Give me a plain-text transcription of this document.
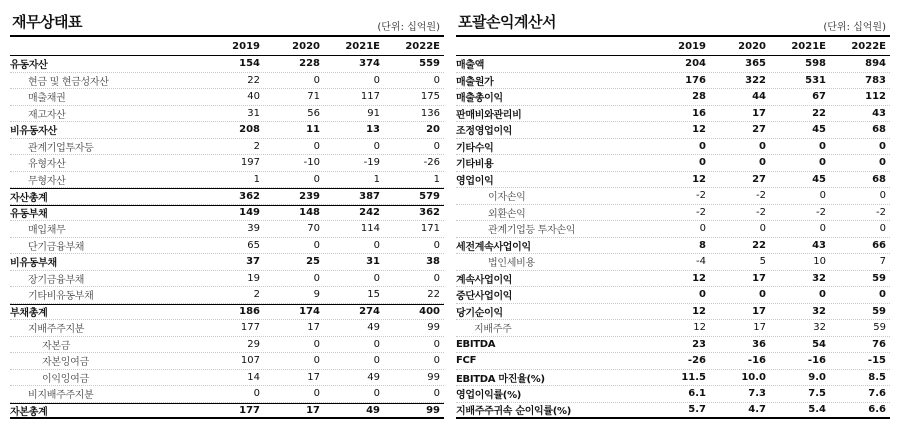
재무상태표	(단위: 십억원)
2019	2020	2021E	2022E
유동자산	154	228	374	559
현금 및 현금성자산	22	0	0	0
매출채권	40	71	117	175
재고자산	31	56	91	136
비유동자산	208	11	13	20
관계기업투자등	2	0	0	0
유형자산	197	-10	-19	-26
무형자산	1	0	1	1
자산총계	362	239	387	579
유동부채	149	148	242	362
매입채무	39	70	114	171
단기금융부채	65	0	0	0
비유동부채	37	25	31	38
장기금융부채	19	0	0	0
기타비유동부채	2	9	15	22
부채총계	186	174	274	400
지배주주지분	177	17	49	99
자본금	29	0	0	0
자본잉여금	107	0	0	0
이익잉여금	14	17	49	99
비지배주주지분	0	0	0	0
자본총계	177	17	49	99
포괄손익계산서	(단위: 십억원)
2019	2020	2021E	2022E
매출액	204	365	598	894
매출원가	176	322	531	783
매출총이익	28	44	67	112
판매비와관리비	16	17	22	43
조정영업이익	12	27	45	68
기타수익	0	0	0	0
기타비용	0	0	0	0
영업이익	12	27	45	68
이자손익	-2	-2	0	0
외환손익	-2	-2	-2	-2
관계기업등 투자손익	0	0	0	0
세전계속사업이익	8	22	43	66
법인세비용	-4	5	10	7
계속사업이익	12	17	32	59
중단사업이익	0	0	0	0
당기순이익	12	17	32	59
지배주주	12	17	32	59
EBITDA	23	36	54	76
FCF	-26	-16	-16	-15
EBITDA 마진율(%)	11.5	10.0	9.0	8.5
영업이익률(%)	6.1	7.3	7.5	7.6
지배주주귀속 순이익률(%)	5.7	4.7	5.4	6.6
